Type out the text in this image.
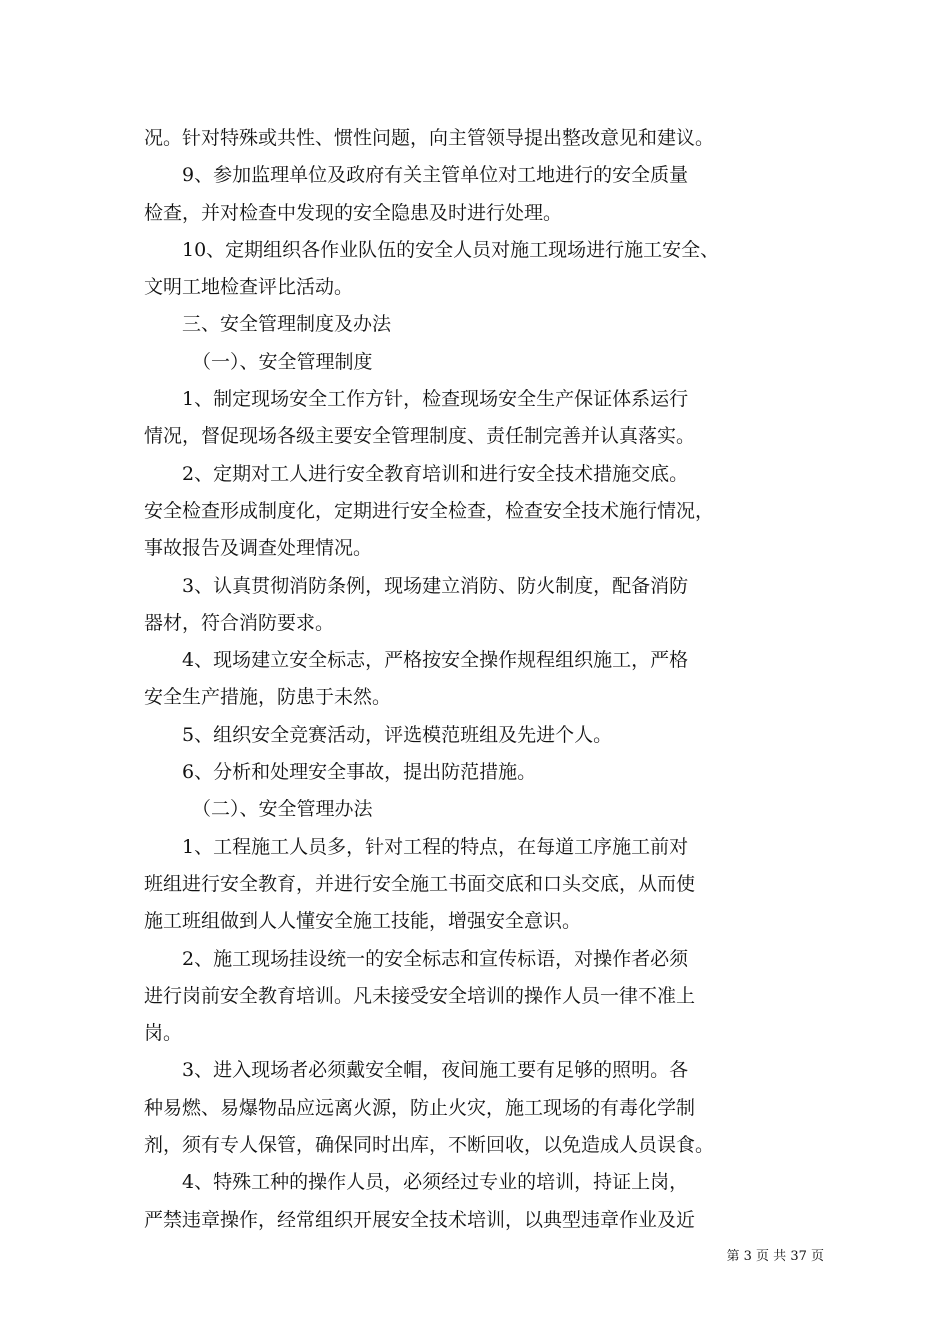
况。针对特殊或共性、惯性问题，向主管领导提出整改意见和建议。
9、参加监理单位及政府有关主管单位对工地进行的安全质量
检查，并对检查中发现的安全隐患及时进行处理。
10、定期组织各作业队伍的安全人员对施工现场进行施工安全、
文明工地检查评比活动。
三、安全管理制度及办法
（一）、安全管理制度
1、制定现场安全工作方针，检查现场安全生产保证体系运行
情况，督促现场各级主要安全管理制度、责任制完善并认真落实。
2、定期对工人进行安全教育培训和进行安全技术措施交底。
安全检查形成制度化，定期进行安全检查，检查安全技术施行情况，
事故报告及调查处理情况。
3、认真贯彻消防条例，现场建立消防、防火制度，配备消防
器材，符合消防要求。
4、现场建立安全标志，严格按安全操作规程组织施工，严格
安全生产措施，防患于未然。
5、组织安全竞赛活动，评选模范班组及先进个人。
6、分析和处理安全事故，提出防范措施。
（二）、安全管理办法
1、工程施工人员多，针对工程的特点，在每道工序施工前对
班组进行安全教育，并进行安全施工书面交底和口头交底，从而使
施工班组做到人人懂安全施工技能，增强安全意识。
2、施工现场挂设统一的安全标志和宣传标语，对操作者必须
进行岗前安全教育培训。凡未接受安全培训的操作人员一律不准上
岗。
3、进入现场者必须戴安全帽，夜间施工要有足够的照明。各
种易燃、易爆物品应远离火源，防止火灾，施工现场的有毒化学制
剂，须有专人保管，确保同时出库，不断回收，以免造成人员误食。
4、特殊工种的操作人员，必须经过专业的培训，持证上岗，
严禁违章操作，经常组织开展安全技术培训，以典型违章作业及近
第 3 页 共 37 页
